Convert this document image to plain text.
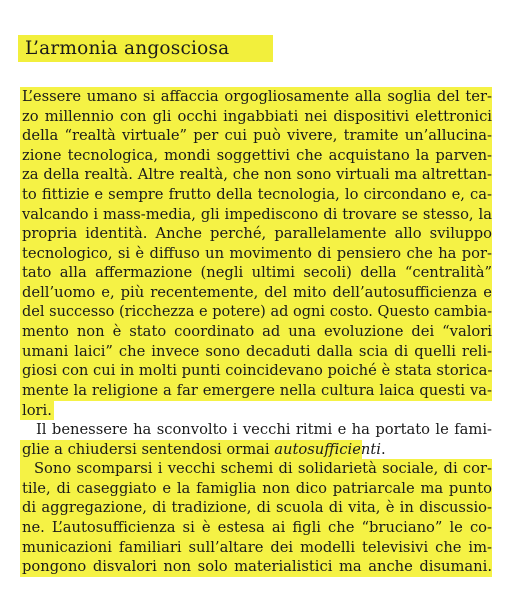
L’armonia angosciosa
L’essere umano si affaccia orgogliosamente alla soglia del ter-
zo millennio con gli occhi ingabbiati nei dispositivi elettronici
della “realtà virtuale” per cui può vivere, tramite un’allucina-
zione tecnologica, mondi soggettivi che acquistano la parven-
za della realtà. Altre realtà, che non sono virtuali ma altrettan-
to fittizie e sempre frutto della tecnologia, lo circondano e, ca-
valcando i mass-media, gli impediscono di trovare se stesso, la
propria identità. Anche perché, parallelamente allo sviluppo
tecnologico, si è diffuso un movimento di pensiero che ha por-
tato alla affermazione (negli ultimi secoli) della “centralità”
dell’uomo e, più recentemente, del mito dell’autosufficienza e
del successo (ricchezza e potere) ad ogni costo. Questo cambia-
mento non è stato coordinato ad una evoluzione dei “valori
umani laici” che invece sono decaduti dalla scia di quelli reli-
giosi con cui in molti punti coincidevano poiché è stata storica-
mente la religione a far emergere nella cultura laica questi va-
lori.
Il benessere ha sconvolto i vecchi ritmi e ha portato le fami-
glie a chiudersi sentendosi ormai autosufficienti.
Sono scomparsi i vecchi schemi di solidarietà sociale, di cor-
tile, di caseggiato e la famiglia non dico patriarcale ma punto
di aggregazione, di tradizione, di scuola di vita, è in discussio-
ne. L’autosufficienza si è estesa ai figli che “bruciano” le co-
municazioni familiari sull’altare dei modelli televisivi che im-
pongono disvalori non solo materialistici ma anche disumani.
